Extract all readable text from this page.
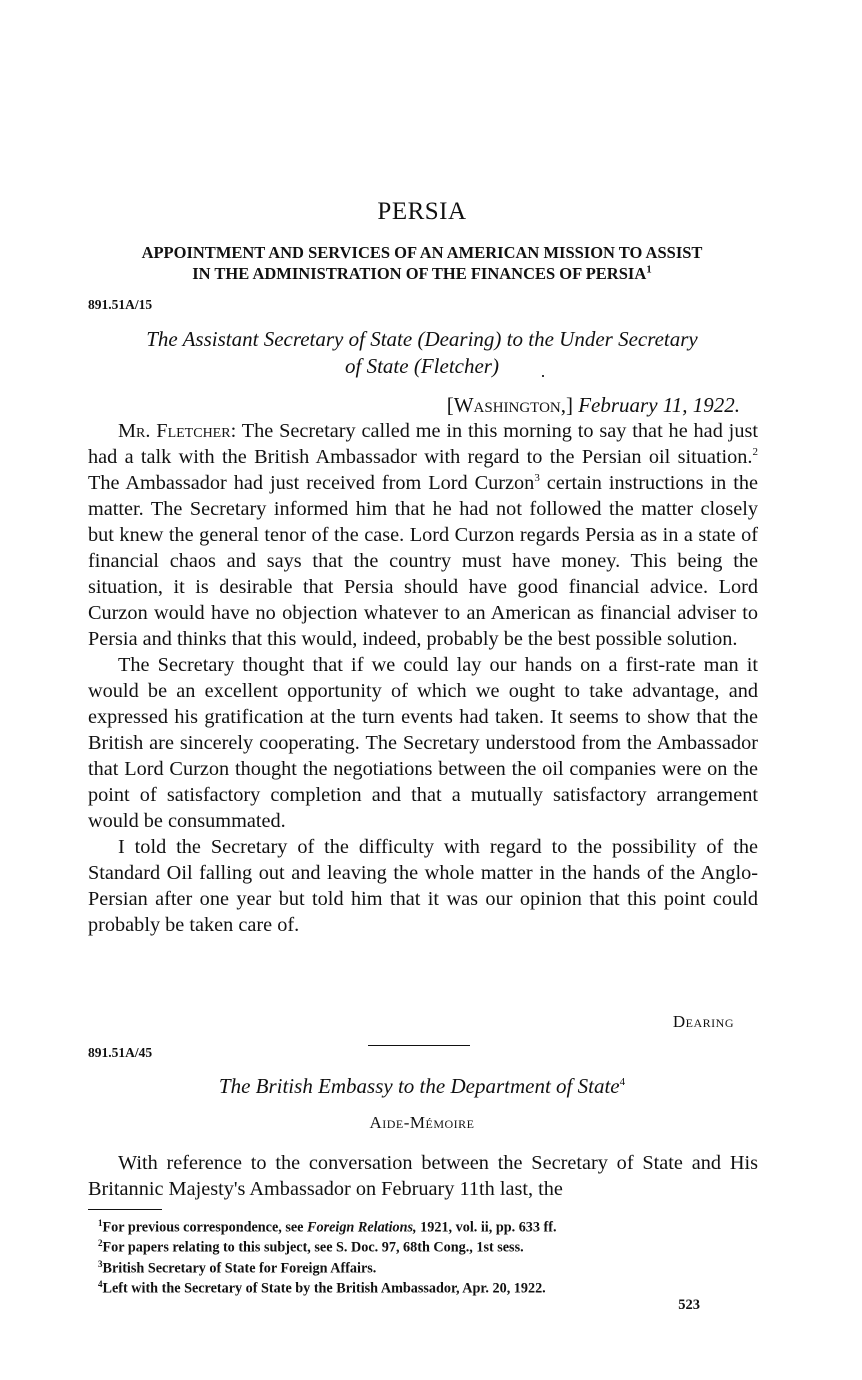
PERSIA
APPOINTMENT AND SERVICES OF AN AMERICAN MISSION TO ASSIST
IN THE ADMINISTRATION OF THE FINANCES OF PERSIA$^1$
891.51A/15
The Assistant Secretary of State (Dearing) to the Under Secretary
of State (Fletcher)
[Washington,] February 11, 1922.

Mr. Fletcher: The Secretary called me in this morning to say that he had just had a talk with the British Ambassador with regard to the Persian oil situation.$^2$ The Ambassador had just received from Lord Curzon$^3$ certain instructions in the matter. The Secretary informed him that he had not followed the matter closely but knew the general tenor of the case. Lord Curzon regards Persia as in a state of financial chaos and says that the country must have money. This being the situation, it is desirable that Persia should have good financial advice. Lord Curzon would have no objection whatever to an American as financial adviser to Persia and thinks that this would, indeed, probably be the best possible solution.

The Secretary thought that if we could lay our hands on a first-rate man it would be an excellent opportunity of which we ought to take advantage, and expressed his gratification at the turn events had taken. It seems to show that the British are sincerely cooperating. The Secretary understood from the Ambassador that Lord Curzon thought the negotiations between the oil companies were on the point of satisfactory completion and that a mutually satisfactory arrangement would be consummated.

I told the Secretary of the difficulty with regard to the possibility of the Standard Oil falling out and leaving the whole matter in the hands of the Anglo-Persian after one year but told him that it was our opinion that this point could probably be taken care of.

Dearing
891.51A/45
The British Embassy to the Department of State$^4$
Aide-Mémoire

With reference to the conversation between the Secretary of State and His Britannic Majesty's Ambassador on February 11th last, the

$^1$For previous correspondence, see Foreign Relations, 1921, vol. ii, pp. 633 ff.
$^2$For papers relating to this subject, see S. Doc. 97, 68th Cong., 1st sess.
$^3$British Secretary of State for Foreign Affairs.
$^4$Left with the Secretary of State by the British Ambassador, Apr. 20, 1922.
523
